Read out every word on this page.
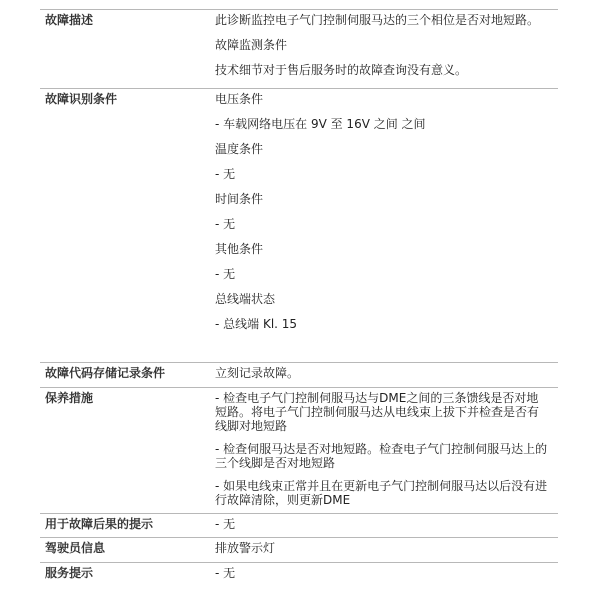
故障描述	此诊断监控电子气门控制伺服马达的三个相位是否对地短路。
故障监测条件
技术细节对于售后服务时的故障查询没有意义。
故障识别条件	电压条件
- 车载网络电压在 9V 至 16V 之间 之间
温度条件
- 无
时间条件
- 无
其他条件
- 无
总线端状态
- 总线端 Kl. 15
故障代码存储记录条件	立刻记录故障。
保养措施	- 检查电子气门控制伺服马达与DME之间的三条馈线是否对地短路。将电子气门控制伺服马达从电线束上拔下并检查是否有线脚对地短路
- 检查伺服马达是否对地短路。检查电子气门控制伺服马达上的三个线脚是否对地短路
- 如果电线束正常并且在更新电子气门控制伺服马达以后没有进行故障清除，则更新DME
用于故障后果的提示	- 无
驾驶员信息	排放警示灯
服务提示	- 无
